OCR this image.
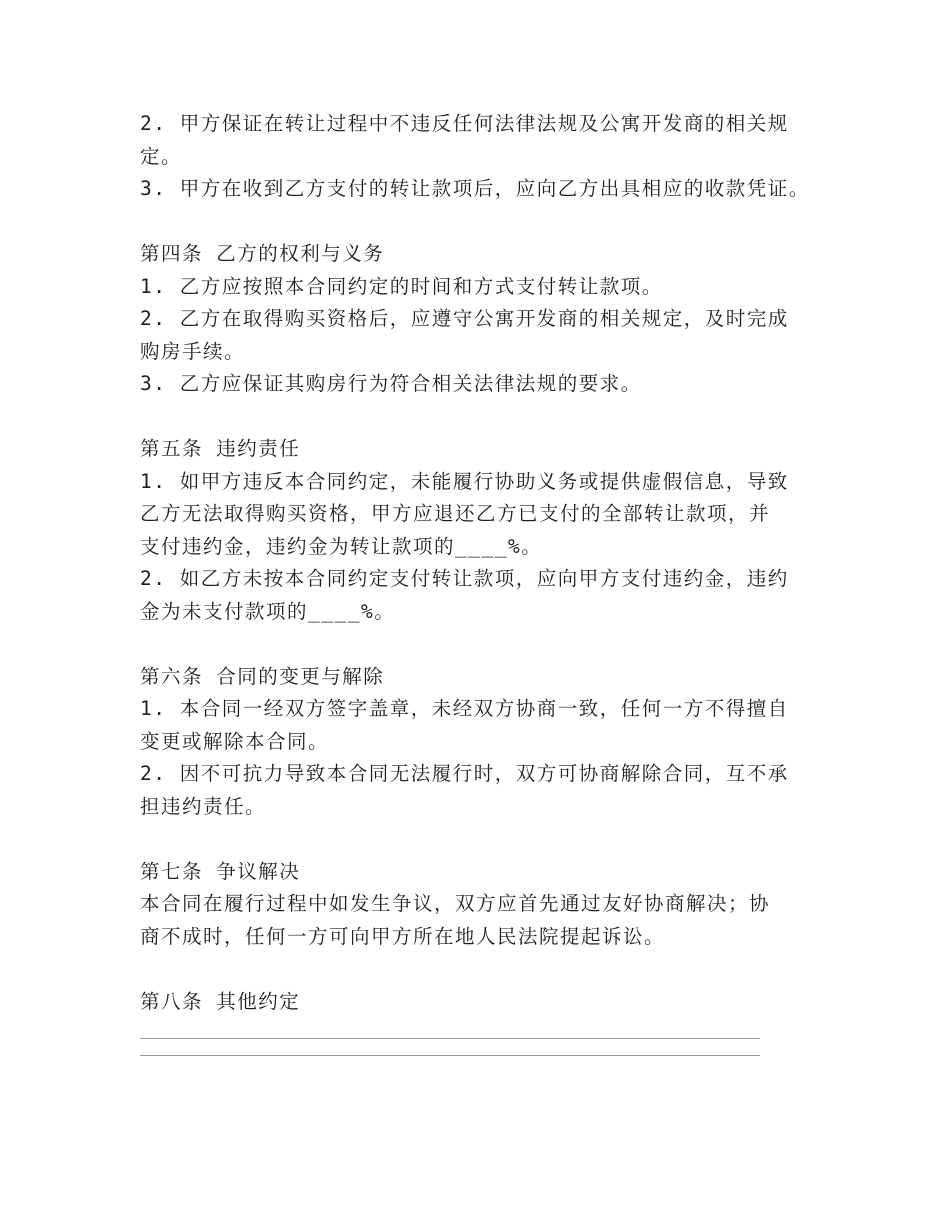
2. 甲方保证在转让过程中不违反任何法律法规及公寓开发商的相关规
定。
3. 甲方在收到乙方支付的转让款项后，应向乙方出具相应的收款凭证。
第四条 乙方的权利与义务
1. 乙方应按照本合同约定的时间和方式支付转让款项。
2. 乙方在取得购买资格后，应遵守公寓开发商的相关规定，及时完成
购房手续。
3. 乙方应保证其购房行为符合相关法律法规的要求。
第五条 违约责任
1. 如甲方违反本合同约定，未能履行协助义务或提供虚假信息，导致
乙方无法取得购买资格，甲方应退还乙方已支付的全部转让款项，并
支付违约金，违约金为转让款项的____%。
2. 如乙方未按本合同约定支付转让款项，应向甲方支付违约金，违约
金为未支付款项的____%。
第六条 合同的变更与解除
1. 本合同一经双方签字盖章，未经双方协商一致，任何一方不得擅自
变更或解除本合同。
2. 因不可抗力导致本合同无法履行时，双方可协商解除合同，互不承
担违约责任。
第七条 争议解决
本合同在履行过程中如发生争议，双方应首先通过友好协商解决；协
商不成时，任何一方可向甲方所在地人民法院提起诉讼。
第八条 其他约定
